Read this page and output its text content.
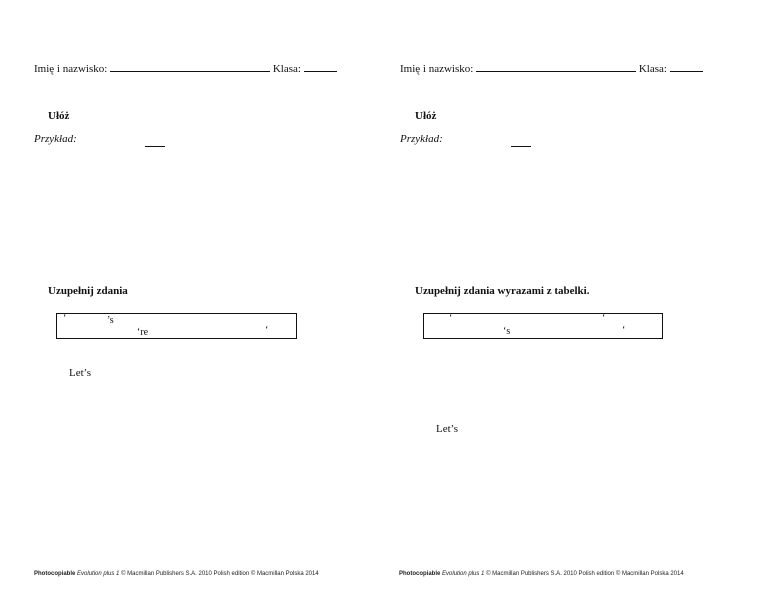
Imię i nazwisko:	Klasa:
Ułóż
Przykład:
Uzupełnij zdania
‘	’s
‘re	‘
Let’s
Photocopiable Evolution plus 1 © Macmillan Publishers S.A. 2010 Polish edition © Macmillan Polska 2014
Imię i nazwisko:	Klasa:
Ułóż
Przykład:
Uzupełnij zdania wyrazami z tabelki.
‘	‘
‘s	‘
Let’s
Photocopiable Evolution plus 1 © Macmillan Publishers S.A. 2010 Polish edition © Macmillan Polska 2014
